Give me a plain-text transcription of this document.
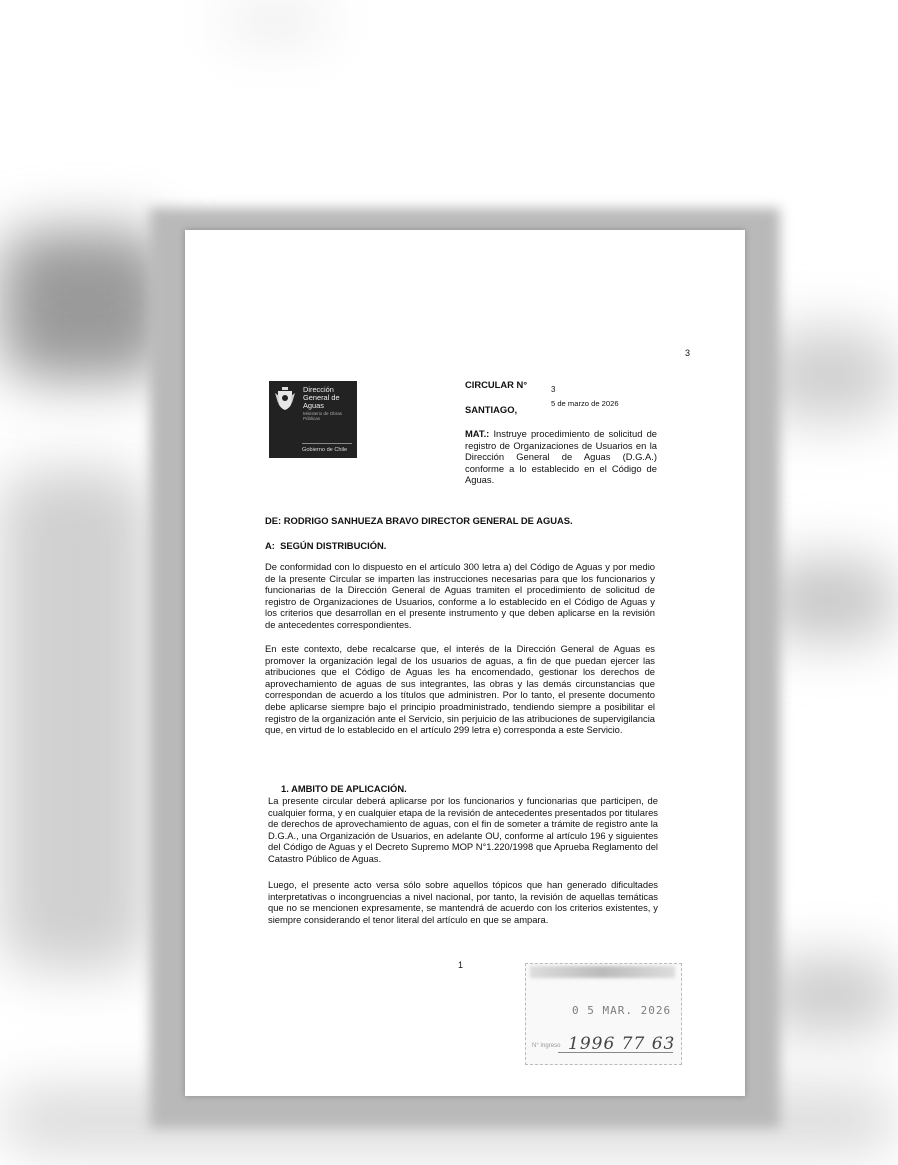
3
Dirección General de Aguas
Ministerio de Obras Públicas
Gobierno de Chile
CIRCULAR N°	3
SANTIAGO,
5 de marzo de 2026
MAT.: Instruye procedimiento de solicitud de registro de Organizaciones de Usuarios en la Dirección General de Aguas (D.G.A.) conforme a lo establecido en el Código de Aguas.
DE: RODRIGO SANHUEZA BRAVO DIRECTOR GENERAL DE AGUAS.
A: SEGÚN DISTRIBUCIÓN.
De conformidad con lo dispuesto en el artículo 300 letra a) del Código de Aguas y por medio de la presente Circular se imparten las instrucciones necesarias para que los funcionarios y funcionarias de la Dirección General de Aguas tramiten el procedimiento de solicitud de registro de Organizaciones de Usuarios, conforme a lo establecido en el Código de Aguas y los criterios que desarrollan en el presente instrumento y que deben aplicarse en la revisión de antecedentes correspondientes.
En este contexto, debe recalcarse que, el interés de la Dirección General de Aguas es promover la organización legal de los usuarios de aguas, a fin de que puedan ejercer las atribuciones que el Código de Aguas les ha encomendado, gestionar los derechos de aprovechamiento de aguas de sus integrantes, las obras y las demás circunstancias que correspondan de acuerdo a los títulos que administren. Por lo tanto, el presente documento debe aplicarse siempre bajo el principio proadministrado, tendiendo siempre a posibilitar el registro de la organización ante el Servicio, sin perjuicio de las atribuciones de supervigilancia que, en virtud de lo establecido en el artículo 299 letra e) corresponda a este Servicio.
1. AMBITO DE APLICACIÓN.
La presente circular deberá aplicarse por los funcionarios y funcionarias que participen, de cualquier forma, y en cualquier etapa de la revisión de antecedentes presentados por titulares de derechos de aprovechamiento de aguas, con el fin de someter a trámite de registro ante la D.G.A., una Organización de Usuarios, en adelante OU, conforme al artículo 196 y siguientes del Código de Aguas y el Decreto Supremo MOP N°1.220/1998 que Aprueba Reglamento del Catastro Público de Aguas.
Luego, el presente acto versa sólo sobre aquellos tópicos que han generado dificultades interpretativas o incongruencias a nivel nacional, por tanto, la revisión de aquellas temáticas que no se mencionen expresamente, se mantendrá de acuerdo con los criterios existentes, y siempre considerando el tenor literal del artículo en que se ampara.
1
0 5 MAR. 2026
N° Ingreso 1996 77 63
